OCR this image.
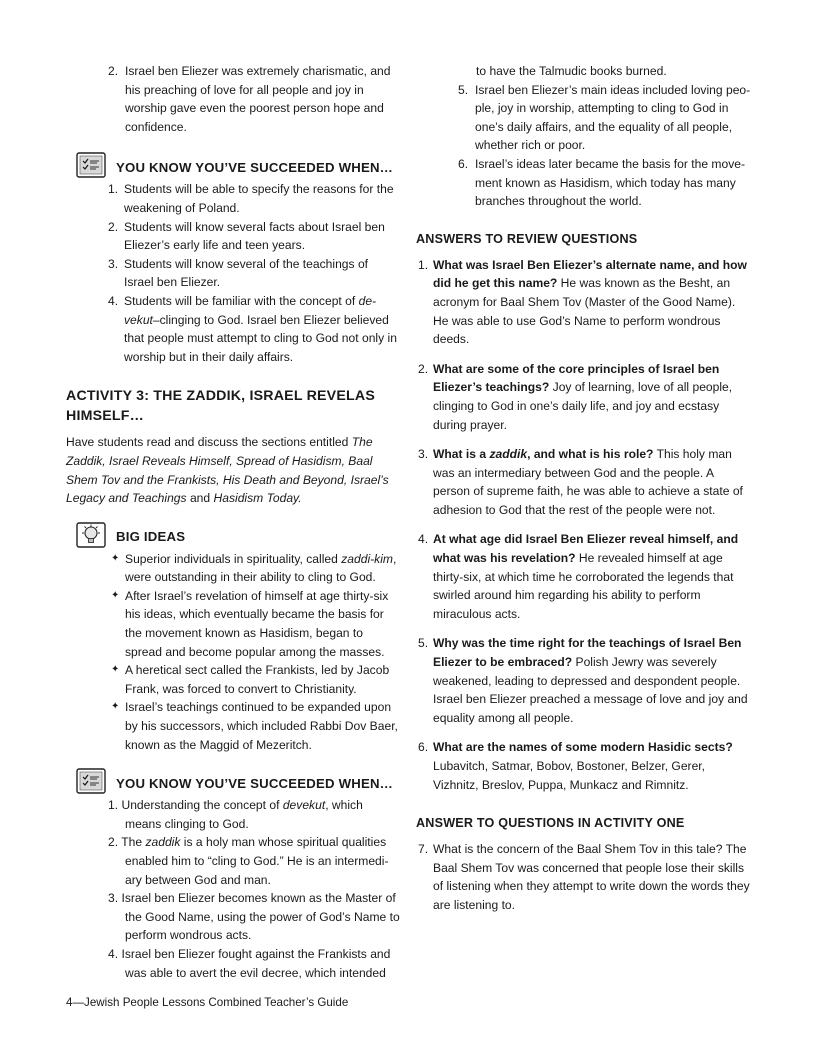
2. Israel ben Eliezer was extremely charismatic, and his preaching of love for all people and joy in worship gave even the poorest person hope and confidence.
YOU KNOW YOU’VE SUCCEEDED WHEN…
1. Students will be able to specify the reasons for the weakening of Poland.
2. Students will know several facts about Israel ben Eliezer’s early life and teen years.
3. Students will know several of the teachings of Israel ben Eliezer.
4. Students will be familiar with the concept of de-vekut–clinging to God. Israel ben Eliezer believed that people must attempt to cling to God not only in worship but in their daily affairs.
ACTIVITY 3: THE ZADDIK, ISRAEL REVELAS HIMSELF…

Have students read and discuss the sections entitled The Zaddik, Israel Reveals Himself, Spread of Hasidism, Baal Shem Tov and the Frankists, His Death and Beyond, Israel’s Legacy and Teachings and Hasidism Today.

BIG IDEAS
✦ Superior individuals in spirituality, called zaddi-kim, were outstanding in their ability to cling to God.
✦ After Israel’s revelation of himself at age thirty-six his ideas, which eventually became the basis for the movement known as Hasidism, began to spread and become popular among the masses.
✦ A heretical sect called the Frankists, led by Jacob Frank, was forced to convert to Christianity.
✦ Israel’s teachings continued to be expanded upon by his successors, which included Rabbi Dov Baer, known as the Maggid of Mezeritch.
YOU KNOW YOU’VE SUCCEEDED WHEN…
1. Understanding the concept of devekut, which means clinging to God.
2. The zaddik is a holy man whose spiritual qualities enabled him to “cling to God.” He is an intermedi-ary between God and man.
3. Israel ben Eliezer becomes known as the Master of the Good Name, using the power of God’s Name to perform wondrous acts.
4. Israel ben Eliezer fought against the Frankists and was able to avert the evil decree, which intended

to have the Talmudic books burned.

5. Israel ben Eliezer’s main ideas included loving peo-ple, joy in worship, attempting to cling to God in one’s daily affairs, and the equality of all people, whether rich or poor.
6. Israel’s ideas later became the basis for the move-ment known as Hasidism, which today has many branches throughout the world.
ANSWERS TO REVIEW QUESTIONS
1. What was Israel Ben Eliezer’s alternate name, and how did he get this name? He was known as the Besht, an acronym for Baal Shem Tov (Master of the Good Name). He was able to use God’s Name to perform wondrous deeds.
2. What are some of the core principles of Israel ben Eliezer’s teachings? Joy of learning, love of all people, clinging to God in one’s daily life, and joy and ecstasy during prayer.
3. What is a zaddik, and what is his role? This holy man was an intermediary between God and the people. A person of supreme faith, he was able to achieve a state of adhesion to God that the rest of the people were not.
4. At what age did Israel Ben Eliezer reveal himself, and what was his revelation? He revealed himself at age thirty-six, at which time he corroborated the legends that swirled around him regarding his ability to perform miraculous acts.
5. Why was the time right for the teachings of Israel Ben Eliezer to be embraced? Polish Jewry was severely weakened, leading to depressed and despondent people. Israel ben Eliezer preached a message of love and joy and equality among all people.
6. What are the names of some modern Hasidic sects? Lubavitch, Satmar, Bobov, Bostoner, Belzer, Gerer, Vizhnitz, Breslov, Puppa, Munkacz and Rimnitz.
ANSWER TO QUESTIONS IN ACTIVITY ONE
7. What is the concern of the Baal Shem Tov in this tale? The Baal Shem Tov was concerned that people lose their skills of listening when they attempt to write down the words they are listening to.
4—Jewish People Lessons Combined Teacher’s Guide
